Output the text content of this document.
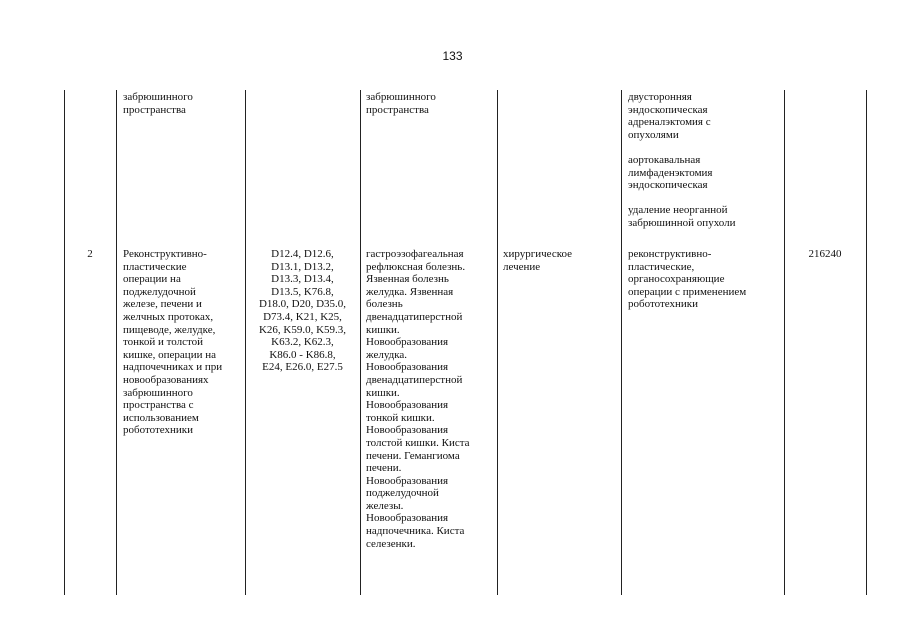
133

забрюшинного
пространства

забрюшинного
пространства

двусторонняя
эндоскопическая
адреналэктомия с
опухолями

аортокавальная
лимфаденэктомия
эндоскопическая

удаление неорганной
забрюшинной опухоли

2	Реконструктивно-
пластические
операции на
поджелудочной
железе, печени и
желчных протоках,
пищеводе, желудке,
тонкой и толстой
кишке, операции на
надпочечниках и при
новообразованиях
забрюшинного
пространства с
использованием
робототехники

D12.4, D12.6,
D13.1, D13.2,
D13.3, D13.4,
D13.5, K76.8,
D18.0, D20, D35.0,
D73.4, K21, K25,
K26, K59.0, K59.3,
K63.2, K62.3,
K86.0 - K86.8,
E24, E26.0, E27.5

гастроэзофагеальная
рефлюксная болезнь.
Язвенная болезнь
желудка. Язвенная
болезнь
двенадцатиперстной
кишки.
Новообразования
желудка.
Новообразования
двенадцатиперстной
кишки.
Новообразования
тонкой кишки.
Новообразования
толстой кишки. Киста
печени. Гемангиома
печени.
Новообразования
поджелудочной
железы.
Новообразования
надпочечника. Киста
селезенки.

хирургическое
лечение

реконструктивно-
пластические,
органосохраняющие
операции с применением
робототехники

216240
